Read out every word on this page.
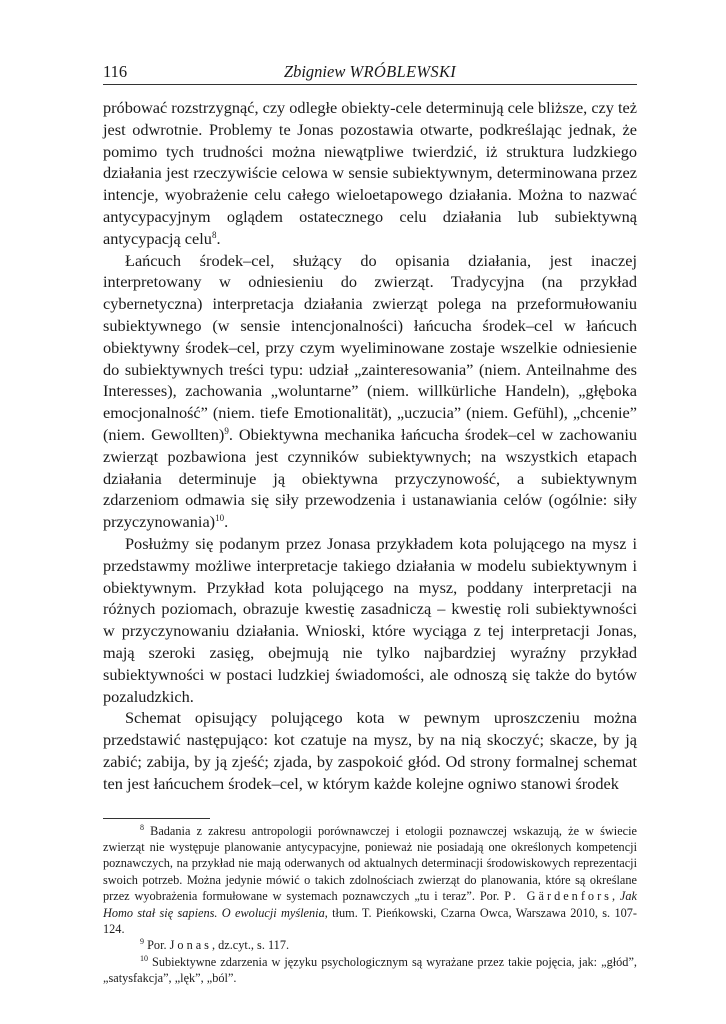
116	Zbigniew WRÓBLEWSKI

próbować rozstrzygnąć, czy odległe obiekty-cele determinują cele bliższe, czy też jest odwrotnie. Problemy te Jonas pozostawia otwarte, podkreślając jednak, że pomimo tych trudności można niewątpliwe twierdzić, iż struktura ludzkiego działania jest rzeczywiście celowa w sensie subiektywnym, determinowana przez intencje, wyobrażenie celu całego wieloetapowego działania. Można to nazwać antycypacyjnym oglądem ostatecznego celu działania lub subiektywną antycypacją celu$^8$.

Łańcuch środek–cel, służący do opisania działania, jest inaczej interpretowany w odniesieniu do zwierząt. Tradycyjna (na przykład cybernetyczna) interpretacja działania zwierząt polega na przeformułowaniu subiektywnego (w sensie intencjonalności) łańcucha środek–cel w łańcuch obiektywny środek–cel, przy czym wyeliminowane zostaje wszelkie odniesienie do subiektywnych treści typu: udział „zainteresowania” (niem. Anteilnahme des Interesses), zachowania „woluntarne” (niem. willkürliche Handeln), „głęboka emocjonalność” (niem. tiefe Emotionalität), „uczucia” (niem. Gefühl), „chcenie” (niem. Gewollten)$^9$. Obiektywna mechanika łańcucha środek–cel w zachowaniu zwierząt pozbawiona jest czynników subiektywnych; na wszystkich etapach działania determinuje ją obiektywna przyczynowość, a subiektywnym zdarzeniom odmawia się siły przewodzenia i ustanawiania celów (ogólnie: siły przyczynowania)$^{10}$.

Posłużmy się podanym przez Jonasa przykładem kota polującego na mysz i przedstawmy możliwe interpretacje takiego działania w modelu subiektywnym i obiektywnym. Przykład kota polującego na mysz, poddany interpretacji na różnych poziomach, obrazuje kwestię zasadniczą – kwestię roli subiektywności w przyczynowaniu działania. Wnioski, które wyciąga z tej interpretacji Jonas, mają szeroki zasięg, obejmują nie tylko najbardziej wyraźny przykład subiektywności w postaci ludzkiej świadomości, ale odnoszą się także do bytów pozaludzkich.

Schemat opisujący polującego kota w pewnym uproszczeniu można przedstawić następująco: kot czatuje na mysz, by na nią skoczyć; skacze, by ją zabić; zabija, by ją zjeść; zjada, by zaspokoić głód. Od strony formalnej schemat ten jest łańcuchem środek–cel, w którym każde kolejne ogniwo stanowi środek

$^8$ Badania z zakresu antropologii porównawczej i etologii poznawczej wskazują, że w świecie zwierząt nie występuje planowanie antycypacyjne, ponieważ nie posiadają one określonych kompetencji poznawczych, na przykład nie mają oderwanych od aktualnych determinacji środowiskowych reprezentacji swoich potrzeb. Można jedynie mówić o takich zdolnościach zwierząt do planowania, które są określane przez wyobrażenia formułowane w systemach poznawczych „tu i teraz”. Por. P. Gärdenfors, Jak Homo stał się sapiens. O ewolucji myślenia, tłum. T. Pieńkowski, Czarna Owca, Warszawa 2010, s. 107-124.

$^9$ Por. Jonas, dz.cyt., s. 117.

$^{10}$ Subiektywne zdarzenia w języku psychologicznym są wyrażane przez takie pojęcia, jak: „głód”, „satysfakcja”, „lęk”, „ból”.
